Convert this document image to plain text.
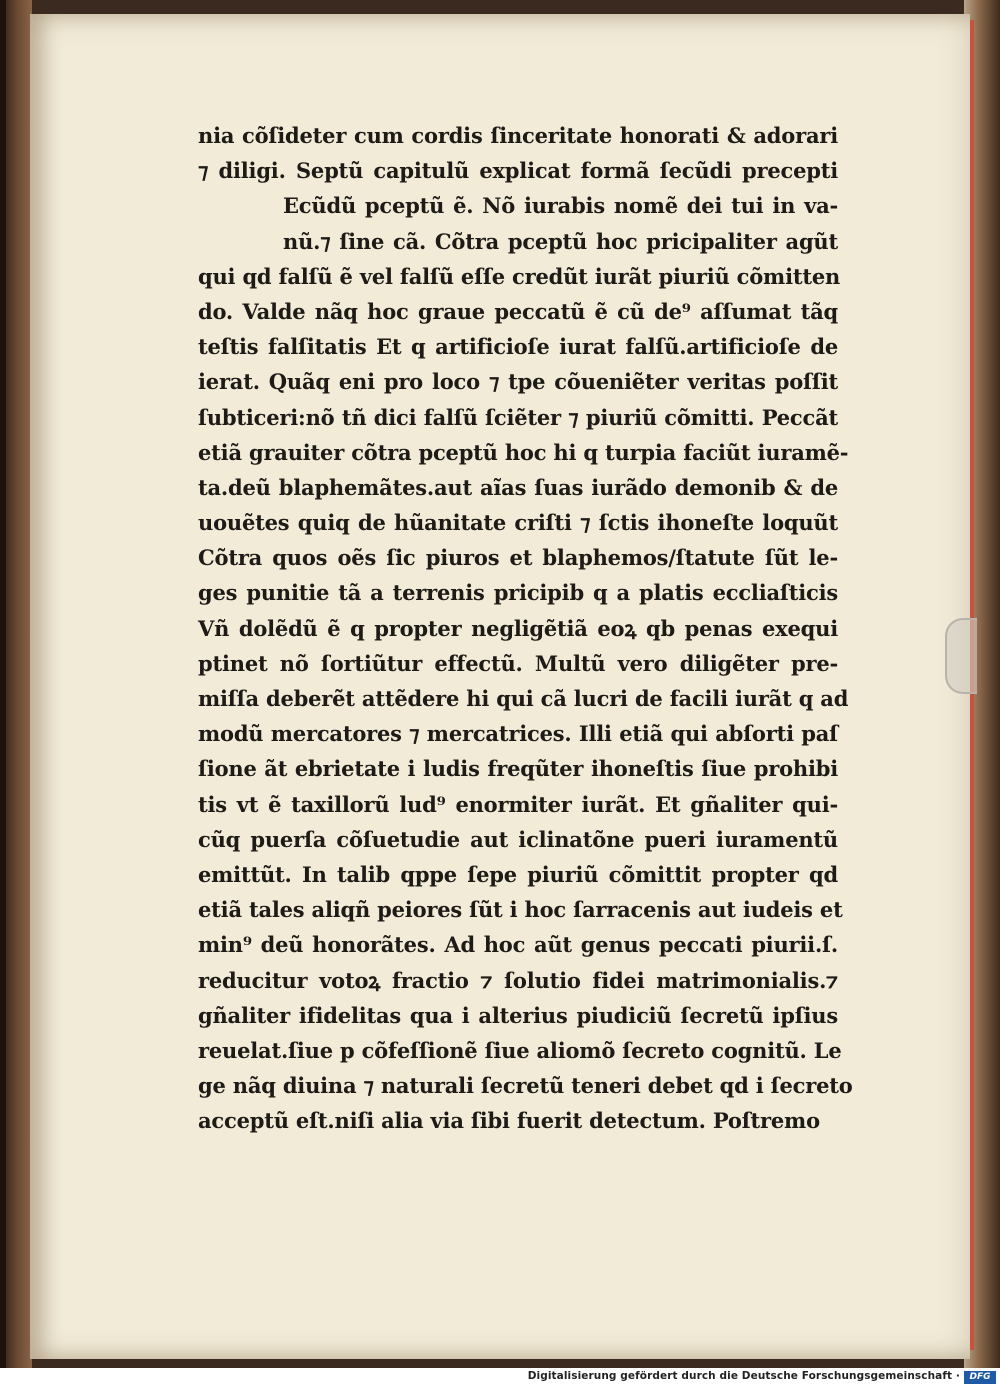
nia cõſideter cum cordis ſinceritate honorati & adorari
⁊ diligi. Septũ capitulũ explicat formã ſecũdi precepti
Ecũdũ pceptũ ẽ. Nõ iurabis nomẽ dei tui in va-
nũ.⁊ ſine cã. Cõtra pceptũ hoc pricipaliter agũt
qui qd falſũ ẽ vel falſũ eſſe credũt iurãt piuriũ cõmitten
do. Valde nãq hoc graue peccatũ ẽ cũ de⁹ aſſumat tãq
teſtis falſitatis Et q artificioſe iurat falſũ.artificioſe de
ierat. Quãq eni pro loco ⁊ tpe cõueniẽter veritas poſſit
ſubticeri:nõ tñ dici falſũ ſciẽter ⁊ piuriũ cõmitti. Peccãt
etiã grauiter cõtra pceptũ hoc hi q turpia faciũt iuramẽ-
ta.deũ blaphemãtes.aut aĩas ſuas iurãdo demonib & de
uouẽtes quiq de hũanitate criſti ⁊ ſctis ihoneſte loquũt
Cõtra quos oẽs ſic piuros et blaphemos/ſtatute ſũt le-
ges punitie tã a terrenis pricipib q a platis eccliaſticis
Vñ dolẽdũ ẽ q propter negligẽtiã eoꝝ qb penas exequi
ptinet nõ ſortiũtur effectũ. Multũ vero diligẽter pre-
miſſa deberẽt attẽdere hi qui cã lucri de facili iurãt q ad
modũ mercatores ⁊ mercatrices. Illi etiã qui abſorti paſ
ſione ãt ebrietate i ludis freqũter ihoneſtis ſiue prohibi
tis vt ẽ taxillorũ lud⁹ enormiter iurãt. Et gñaliter qui-
cũq puerſa cõſuetudie aut iclinatõne pueri iuramentũ
emittũt. In talib qppe ſepe piuriũ cõmittit propter qd
etiã tales aliqñ peiores ſũt i hoc ſarracenis aut iudeis et
min⁹ deũ honorãtes. Ad hoc aũt genus peccati piurii.ſ.
reducitur votoꝝ fractio ⁊ ſolutio fidei matrimonialis.⁊
gñaliter ifidelitas qua i alterius piudiciũ ſecretũ ipſius
reuelat.ſiue p cõfeſſionẽ ſiue aliomõ ſecreto cognitũ. Le
ge nãq diuina ⁊ naturali ſecretũ teneri debet qd i ſecreto
acceptũ eſt.niſi alia via ſibi fuerit detectum. Poſtremo
Digitalisierung gefördert durch die Deutsche Forschungsgemeinschaft ·	DFG
